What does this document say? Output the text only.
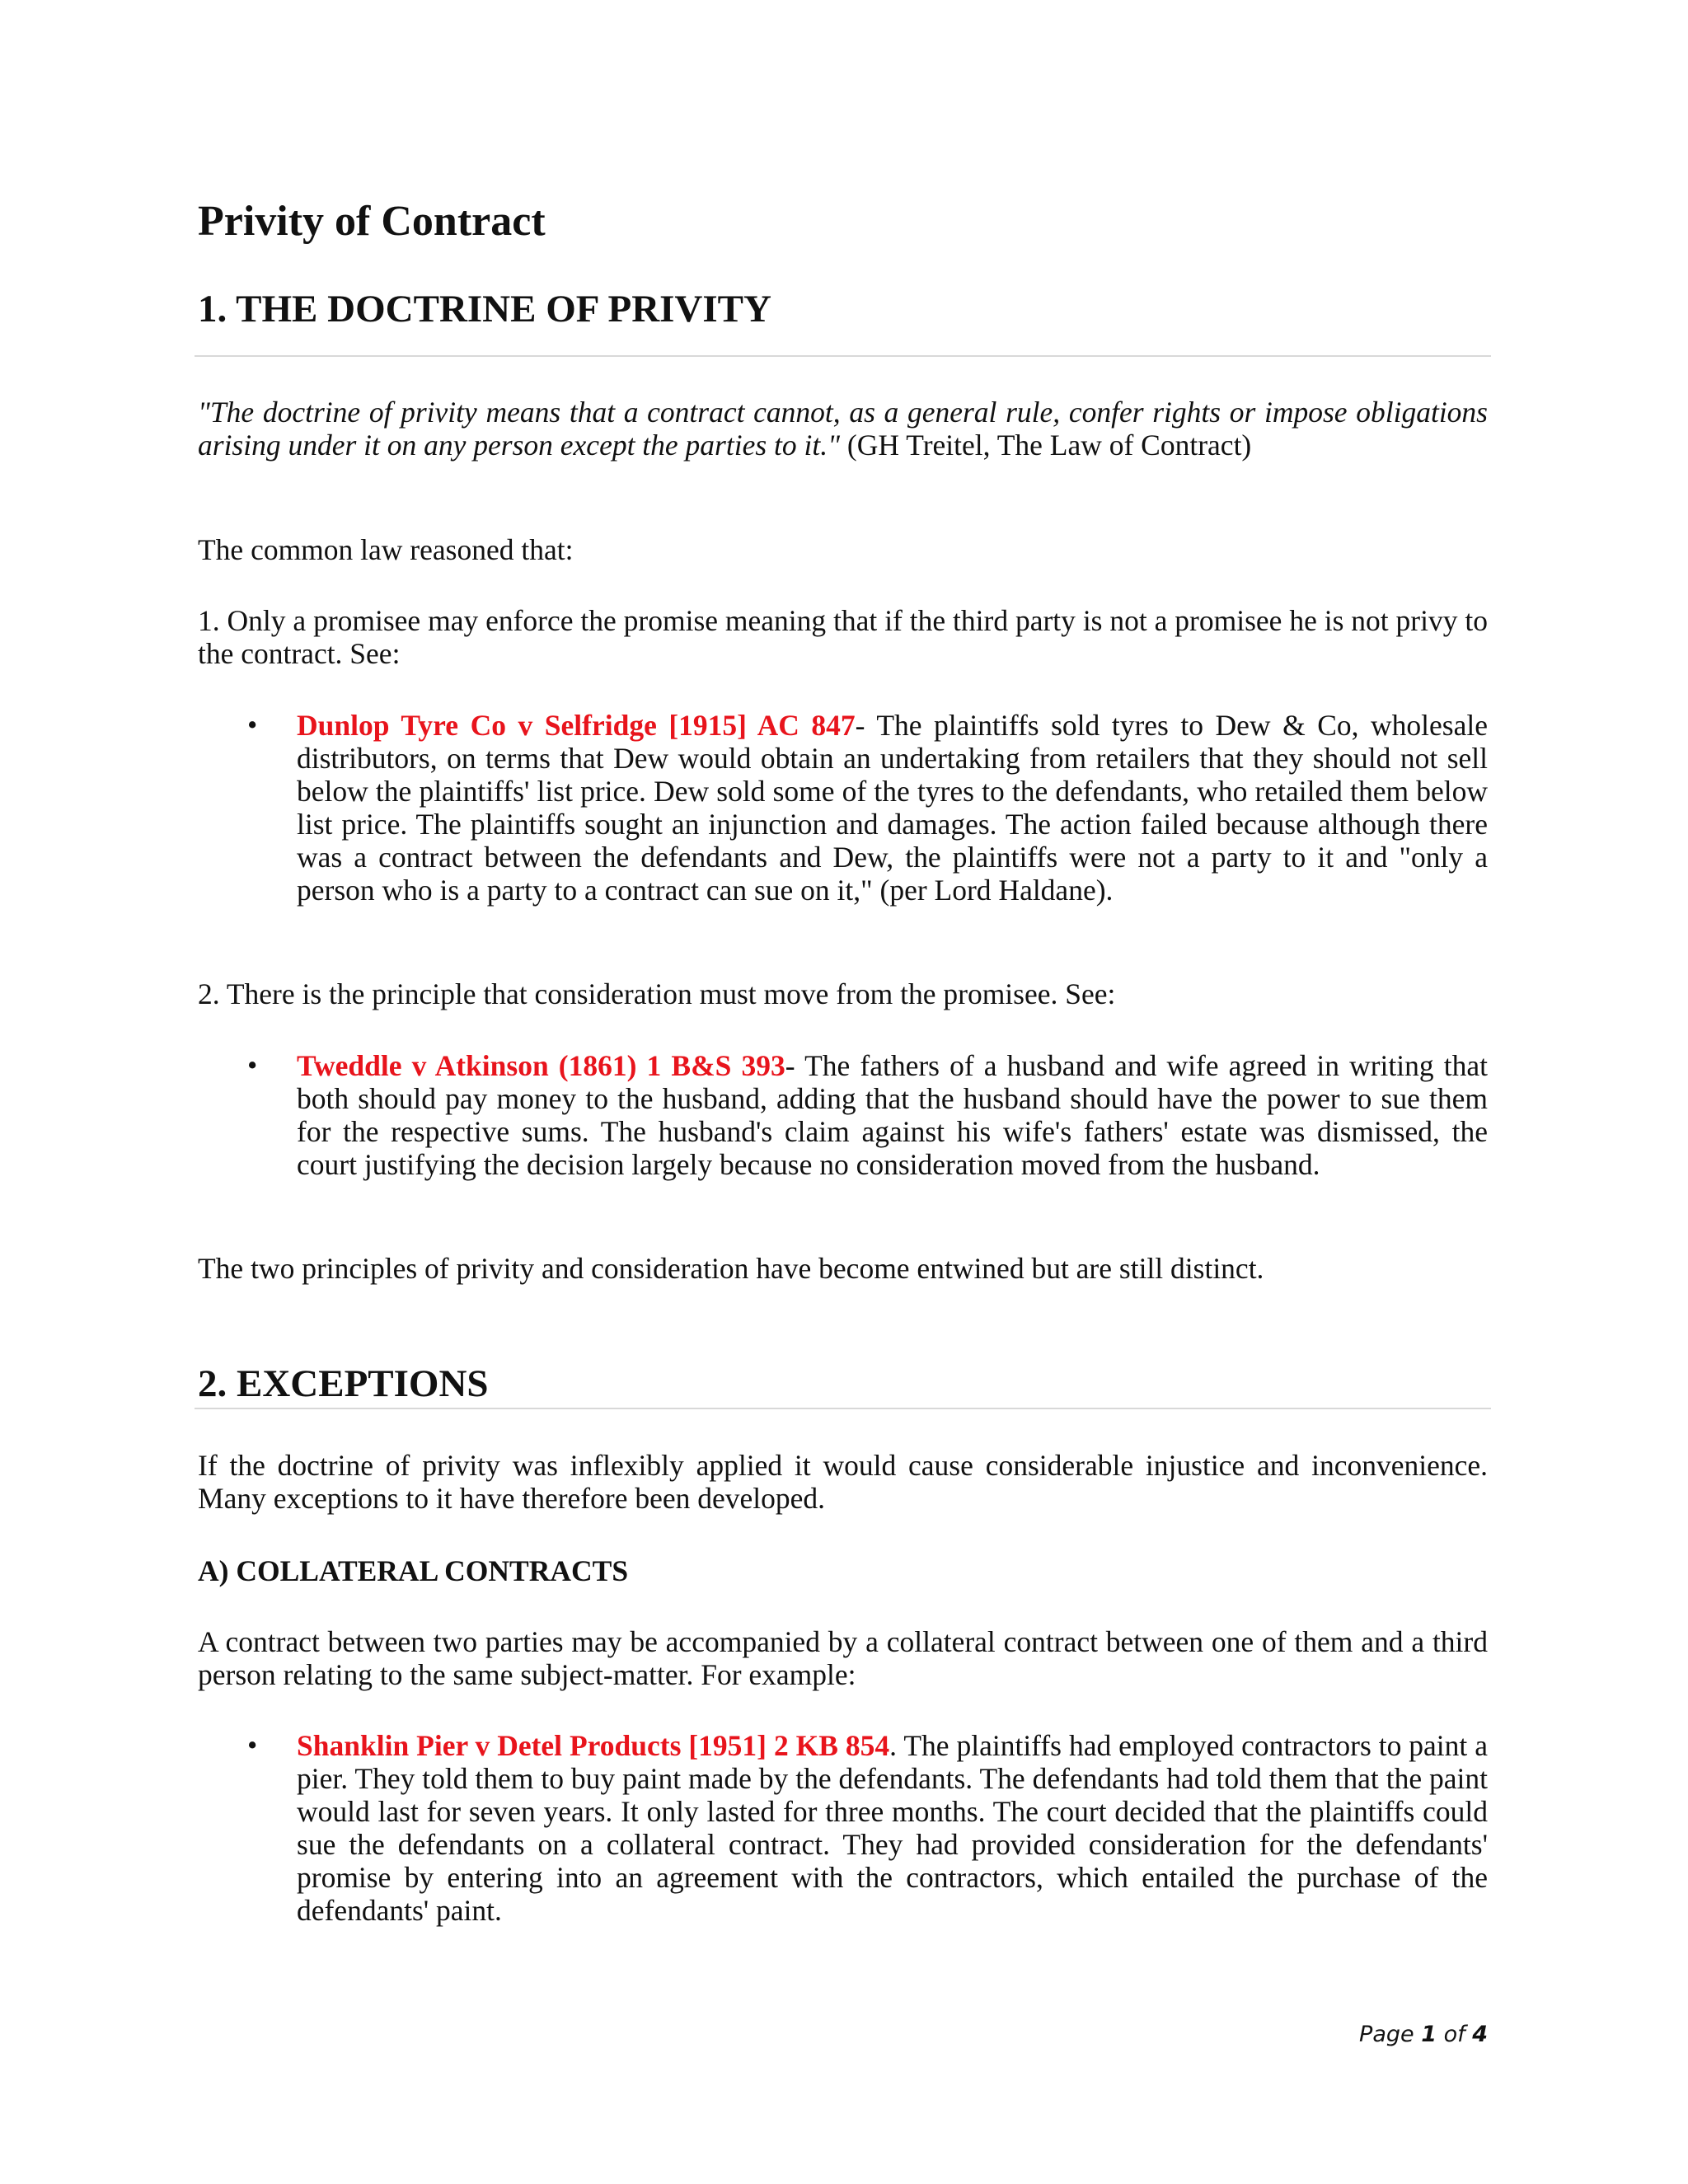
Privity of Contract
1. THE DOCTRINE OF PRIVITY

"The doctrine of privity means that a contract cannot, as a general rule, confer rights or impose obligations arising under it on any person except the parties to it." (GH Treitel, The Law of Contract)

The common law reasoned that:

1. Only a promisee may enforce the promise meaning that if the third party is not a promisee he is not privy to the contract. See:

• Dunlop Tyre Co v Selfridge [1915] AC 847- The plaintiffs sold tyres to Dew & Co, wholesale distributors, on terms that Dew would obtain an undertaking from retailers that they should not sell below the plaintiffs' list price. Dew sold some of the tyres to the defendants, who retailed them below list price. The plaintiffs sought an injunction and damages. The action failed because although there was a contract between the defendants and Dew, the plaintiffs were not a party to it and "only a person who is a party to a contract can sue on it," (per Lord Haldane).

2. There is the principle that consideration must move from the promisee. See:

• Tweddle v Atkinson (1861) 1 B&S 393- The fathers of a husband and wife agreed in writing that both should pay money to the husband, adding that the husband should have the power to sue them for the respective sums. The husband's claim against his wife's fathers' estate was dismissed, the court justifying the decision largely because no consideration moved from the husband.

The two principles of privity and consideration have become entwined but are still distinct.

2. EXCEPTIONS

If the doctrine of privity was inflexibly applied it would cause considerable injustice and inconvenience. Many exceptions to it have therefore been developed.

A) COLLATERAL CONTRACTS

A contract between two parties may be accompanied by a collateral contract between one of them and a third person relating to the same subject-matter. For example:

• Shanklin Pier v Detel Products [1951] 2 KB 854. The plaintiffs had employed contractors to paint a pier. They told them to buy paint made by the defendants. The defendants had told them that the paint would last for seven years. It only lasted for three months. The court decided that the plaintiffs could sue the defendants on a collateral contract. They had provided consideration for the defendants' promise by entering into an agreement with the contractors, which entailed the purchase of the defendants' paint.

Page 1 of 4
